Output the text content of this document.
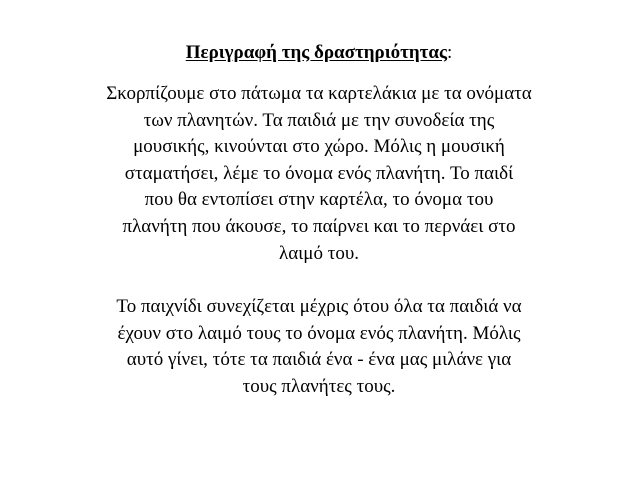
Περιγραφή της δραστηριότητας:
Σκορπίζουμε στο πάτωμα τα καρτελάκια με τα ονόματα
των πλανητών. Τα παιδιά με την συνοδεία της
μουσικής, κινούνται στο χώρο. Μόλις η μουσική
σταματήσει, λέμε το όνομα ενός πλανήτη. Το παιδί
που θα εντοπίσει στην καρτέλα, το όνομα του
πλανήτη που άκουσε, το παίρνει και το περνάει στο
λαιμό του.
Το παιχνίδι συνεχίζεται μέχρις ότου όλα τα παιδιά να
έχουν στο λαιμό τους το όνομα ενός πλανήτη. Μόλις
αυτό γίνει, τότε τα παιδιά ένα - ένα μας μιλάνε για
τους πλανήτες τους.
